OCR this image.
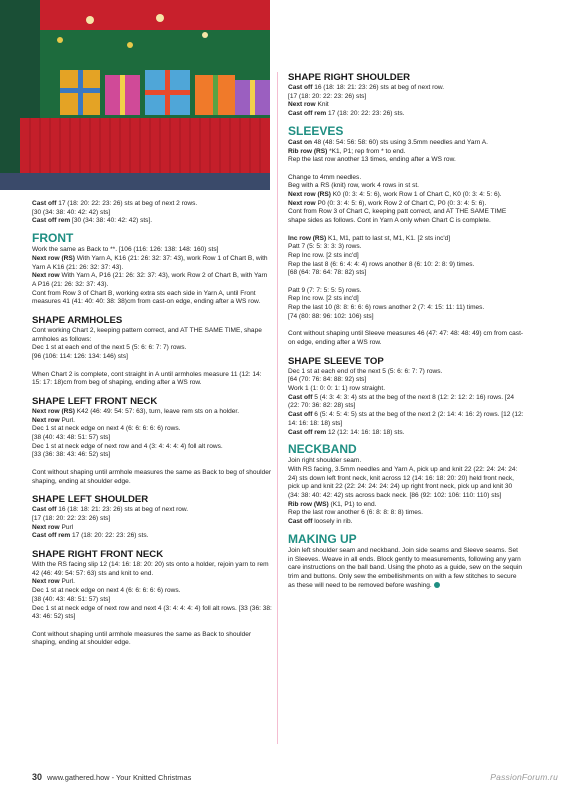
Cast off 17 (18: 20: 22: 23: 26) sts at beg of next 2 rows.
[30 (34: 38: 40: 42: 42) sts]
Cast off rem [30 (34: 38: 40: 42: 42) sts].
FRONT
Work the same as Back to **. [106 (116: 126: 138: 148: 160) sts]
Next row (RS) With Yarn A, K16 (21: 26: 32: 37: 43), work Row 1 of Chart B, with Yarn A K16 (21: 26: 32: 37: 43).
Next row With Yarn A, P16 (21: 26: 32: 37: 43), work Row 2 of Chart B, with Yarn A P16 (21: 26: 32: 37: 43).
Cont from Row 3 of Chart B, working extra sts each side in Yarn A, until Front measures 41 (41: 40: 40: 38: 38)cm from cast-on edge, ending after a WS row.
SHAPE ARMHOLES
Cont working Chart 2, keeping pattern correct, and AT THE SAME TIME, shape armholes as follows:
Dec 1 st at each end of the next 5 (5: 6: 6: 7: 7) rows.
[96 (106: 114: 126: 134: 146) sts]
When Chart 2 is complete, cont straight in A until armholes measure 11 (12: 14: 15: 17: 18)cm from beg of shaping, ending after a WS row.
SHAPE LEFT FRONT NECK
Next row (RS) K42 (46: 49: 54: 57: 63), turn, leave rem sts on a holder.
Next row Purl.
Dec 1 st at neck edge on next 4 (6: 6: 6: 6: 6) rows.
[38 (40: 43: 48: 51: 57) sts]
Dec 1 st at neck edge of next row and 4 (3: 4: 4: 4: 4) foll alt rows.
[33 (36: 38: 43: 46: 52) sts]
Cont without shaping until armhole measures the same as Back to beg of shoulder shaping, ending at shoulder edge.
SHAPE LEFT SHOULDER
Cast off 16 (18: 18: 21: 23: 26) sts at beg of next row.
[17 (18: 20: 22: 23: 26) sts]
Next row Purl
Cast off rem 17 (18: 20: 22: 23: 26) sts.
SHAPE RIGHT FRONT NECK
With the RS facing slip 12 (14: 16: 18: 20: 20) sts onto a holder, rejoin yarn to rem 42 (46: 49: 54: 57: 63) sts and knit to end.
Next row Purl.
Dec 1 st at neck edge on next 4 (6: 6: 6: 6: 6) rows.
[38 (40: 43: 48: 51: 57) sts]
Dec 1 st at neck edge of next row and next 4 (3: 4: 4: 4: 4) foll alt rows. [33 (36: 38: 43: 46: 52) sts]
Cont without shaping until armhole measures the same as Back to shoulder shaping, ending at shoulder edge.
SHAPE RIGHT SHOULDER
Cast off 16 (18: 18: 21: 23: 26) sts at beg of next row.
[17 (18: 20: 22: 23: 26) sts]
Next row Knit
Cast off rem 17 (18: 20: 22: 23: 26) sts.
SLEEVES
Cast on 48 (48: 54: 56: 58: 60) sts using 3.5mm needles and Yarn A.
Rib row (RS) *K1, P1; rep from * to end.
Rep the last row another 13 times, ending after a WS row.
Change to 4mm needles.
Beg with a RS (knit) row, work 4 rows in st st.
Next row (RS) K0 (0: 3: 4: 5: 6), work Row 1 of Chart C, K0 (0: 3: 4: 5: 6).
Next row P0 (0: 3: 4: 5: 6), work Row 2 of Chart C, P0 (0: 3: 4: 5: 6).
Cont from Row 3 of Chart C, keeping patt correct, and AT THE SAME TIME shape sides as follows. Cont in Yarn A only when Chart C is complete.
Inc row (RS) K1, M1, patt to last st, M1, K1. [2 sts inc'd]
Patt 7 (5: 5: 3: 3: 3) rows.
Rep Inc row. [2 sts inc'd]
Rep the last 8 (6: 6: 4: 4: 4) rows another 8 (6: 10: 2: 8: 9) times.
[68 (64: 78: 64: 78: 82) sts]
Patt 9 (7: 7: 5: 5: 5) rows.
Rep Inc row. [2 sts inc'd]
Rep the last 10 (8: 8: 6: 6: 6) rows another 2 (7: 4: 15: 11: 11) times.
[74 (80: 88: 96: 102: 106) sts]
Cont without shaping until Sleeve measures 46 (47: 47: 48: 48: 49) cm from cast-on edge, ending after a WS row.
SHAPE SLEEVE TOP
Dec 1 st at each end of the next 5 (5: 6: 6: 7: 7) rows.
[64 (70: 76: 84: 88: 92) sts]
Work 1 (1: 0: 0: 1: 1) row straight.
Cast off 5 (4: 3: 4: 3: 4) sts at the beg of the next 8 (12: 2: 12: 2: 16) rows. [24 (22: 70: 36: 82: 28) sts]
Cast off 6 (5: 4: 5: 4: 5) sts at the beg of the next 2 (2: 14: 4: 16: 2) rows. [12 (12: 14: 16: 18: 18) sts]
Cast off rem 12 (12: 14: 16: 18: 18) sts.
NECKBAND
Join right shoulder seam.
With RS facing, 3.5mm needles and Yarn A, pick up and knit 22 (22: 24: 24: 24: 24) sts down left front neck, knit across 12 (14: 16: 18: 20: 20) held front neck, pick up and knit 22 (22: 24: 24: 24: 24) up right front neck, pick up and knit 30 (34: 38: 40: 42: 42) sts across back neck. [86 (92: 102: 106: 110: 110) sts]
Rib row (WS) (K1, P1) to end.
Rep the last row another 6 (6: 8: 8: 8: 8) times.
Cast off loosely in rib.
MAKING UP
Join left shoulder seam and neckband. Join side seams and Sleeve seams. Set in Sleeves. Weave in all ends. Block gently to measurements, following any yarn care instructions on the ball band. Using the photo as a guide, sew on the sequin trim and buttons. Only sew the embellishments on with a few stitches to secure as these will need to be removed before washing.
30 www.gathered.how - Your Knitted Christmas	PassionForum.ru
